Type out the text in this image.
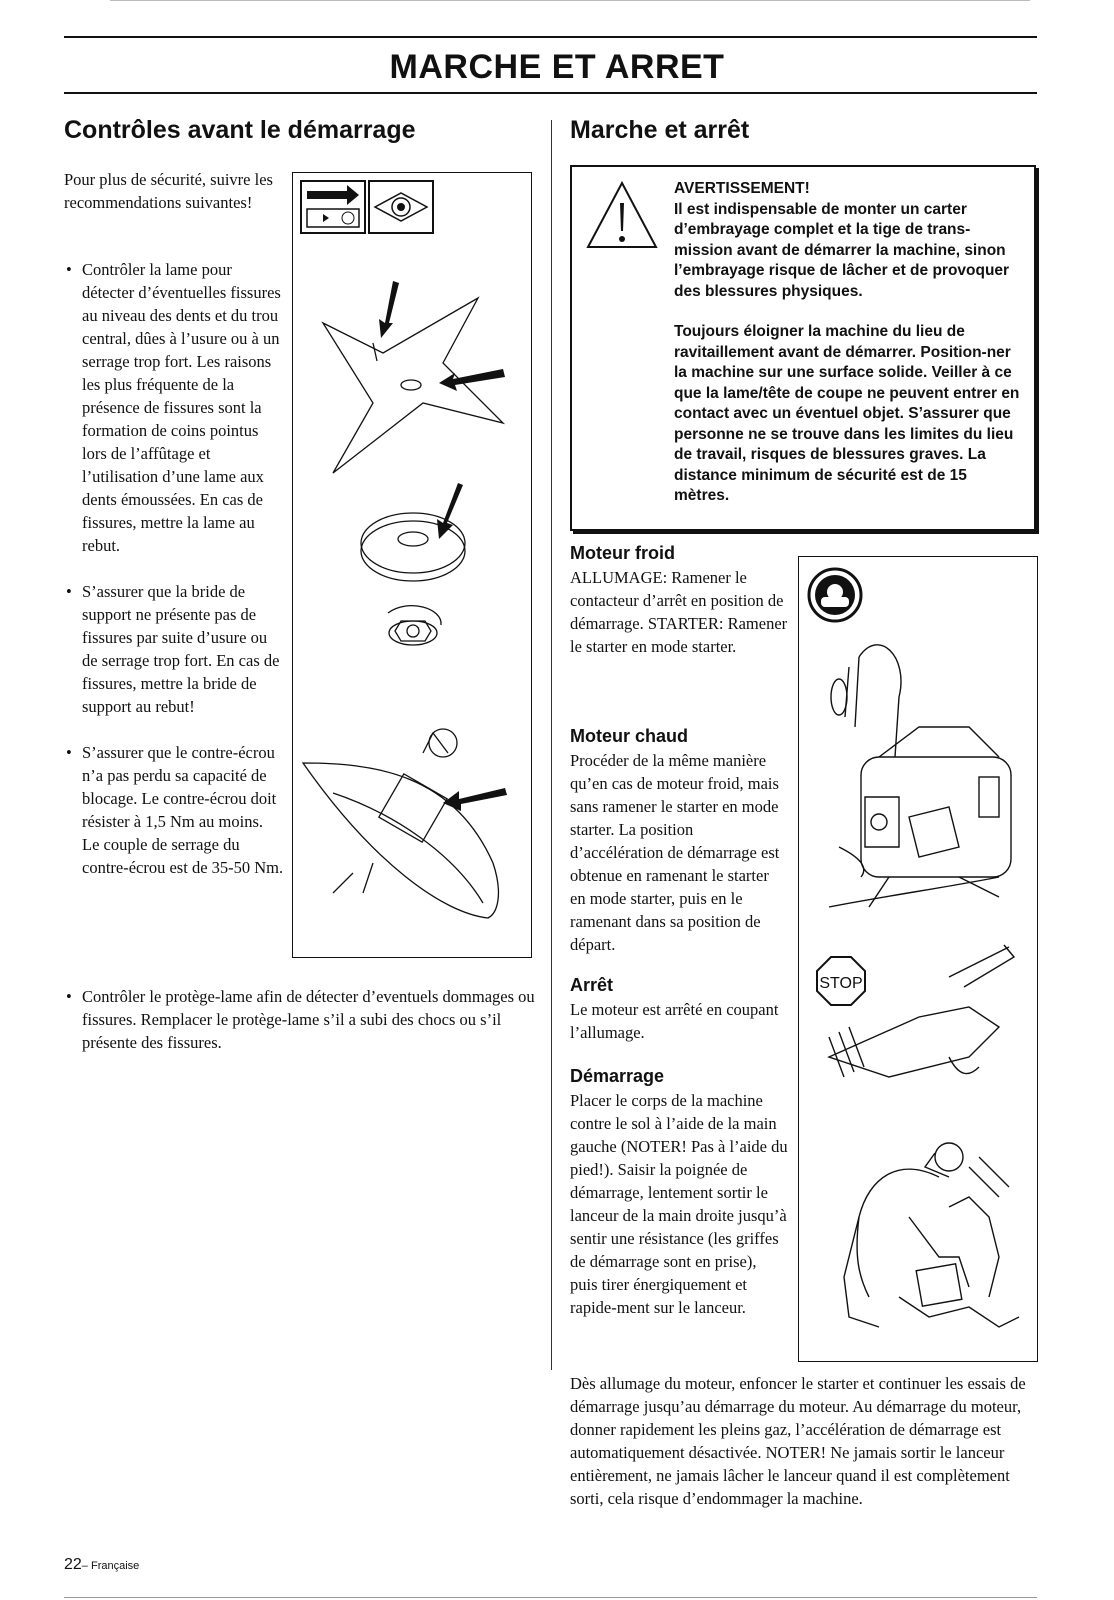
MARCHE ET ARRET
Contrôles avant le démarrage

Pour plus de sécurité, suivre les recommendations suivantes!

• Contrôler la lame pour détecter d’éventuelles fissures au niveau des dents et du trou central, dûes à l’usure ou à un serrage trop fort. Les raisons les plus fréquente de la présence de fissures sont la formation de coins pointus lors de l’affûtage et l’utilisation d’une lame aux dents émoussées. En cas de fissures, mettre la lame au rebut.
• S’assurer que la bride de support ne présente pas de fissures par suite d’usure ou de serrage trop fort. En cas de fissures, mettre la bride de support au rebut!
• S’assurer que le contre-écrou n’a pas perdu sa capacité de blocage. Le contre-écrou doit résister à 1,5 Nm au moins. Le couple de serrage du contre-écrou est de 35-50 Nm.
• Contrôler le protège-lame afin de détecter d’eventuels dommages ou fissures. Remplacer le protège-lame s’il a subi des chocs ou s’il présente des fissures.
Marche et arrêt
AVERTISSEMENT!

Il est indispensable de monter un carter d’embrayage complet et la tige de trans-mission avant de démarrer la machine, sinon l’embrayage risque de lâcher et de provoquer des blessures physiques.

Toujours éloigner la machine du lieu de ravitaillement avant de démarrer. Position-ner la machine sur une surface solide. Veiller à ce que la lame/tête de coupe ne peuvent entrer en contact avec un éventuel objet. S’assurer que personne ne se trouve dans les limites du lieu de travail, risques de blessures graves. La distance minimum de sécurité est de 15 mètres.

Moteur froid

ALLUMAGE: Ramener le contacteur d’arrêt en position de démarrage. STARTER: Ramener le starter en mode starter.

Moteur chaud

Procéder de la même manière qu’en cas de moteur froid, mais sans ramener le starter en mode starter. La position d’accélération de démarrage est obtenue en ramenant le starter en mode starter, puis en le ramenant dans sa position de départ.

Arrêt

Le moteur est arrêté en coupant l’allumage.

Démarrage

Placer le corps de la machine contre le sol à l’aide de la main gauche (NOTER! Pas à l’aide du pied!). Saisir la poignée de démarrage, lentement sortir le lanceur de la main droite jusqu’à sentir une résistance (les griffes de démarrage sont en prise), puis tirer énergiquement et rapide-ment sur le lanceur.

Dès allumage du moteur, enfoncer le starter et continuer les essais de démarrage jusqu’au démarrage du moteur. Au démarrage du moteur, donner rapidement les pleins gaz, l’accélération de démarrage est automatiquement désactivée. NOTER! Ne jamais sortir le lanceur entièrement, ne jamais lâcher le lanceur quand il est complètement sorti, cela risque d’endommager la machine.

STOP
22– Française
